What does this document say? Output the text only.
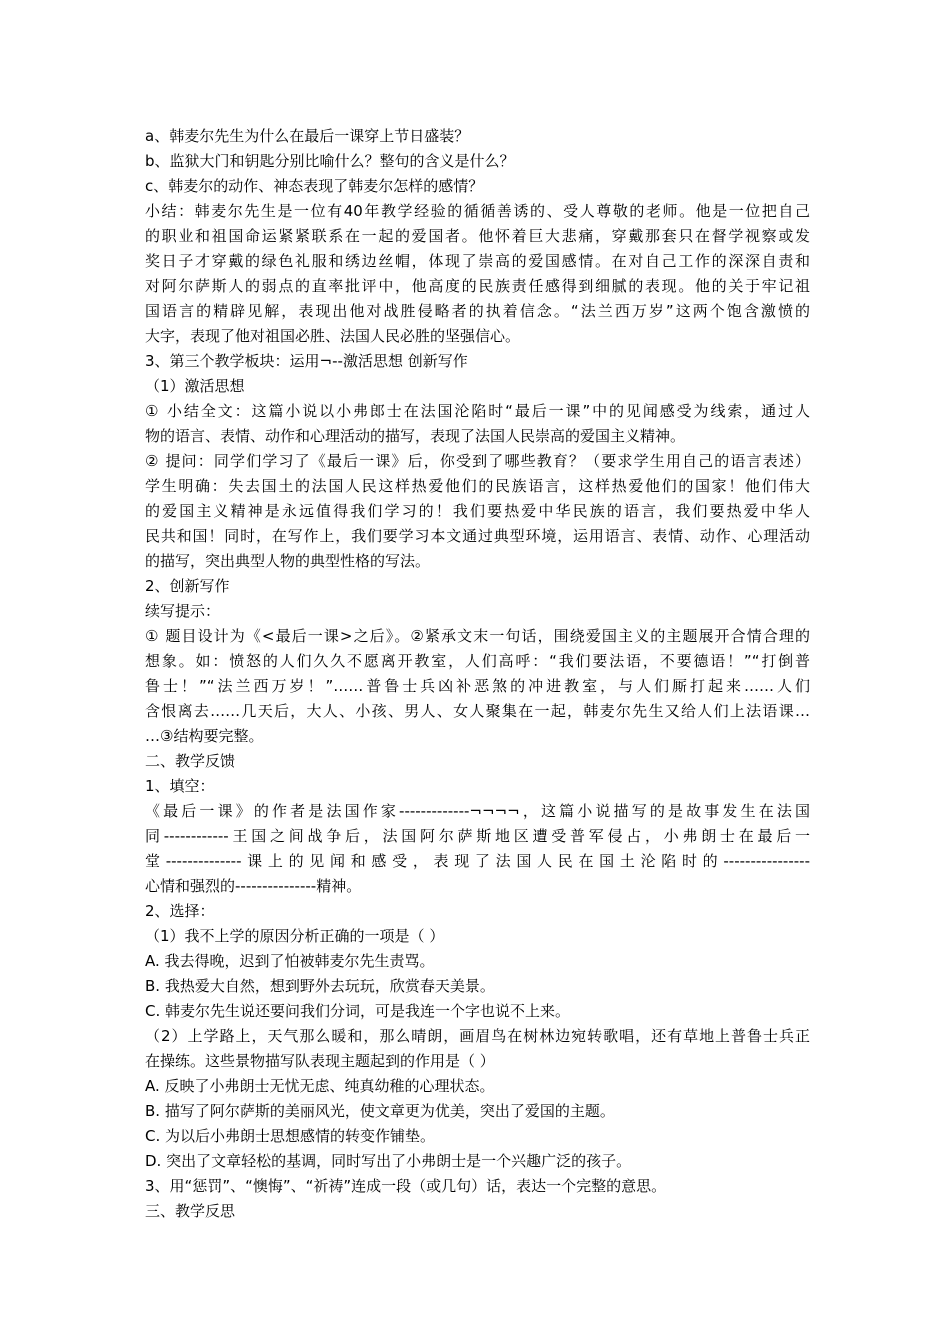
a、韩麦尔先生为什么在最后一课穿上节日盛装？
b、监狱大门和钥匙分别比喻什么？整句的含义是什么？
c、韩麦尔的动作、神态表现了韩麦尔怎样的感情？
小结：韩麦尔先生是一位有40年教学经验的循循善诱的、受人尊敬的老师。他是一位把自己
的职业和祖国命运紧紧联系在一起的爱国者。他怀着巨大悲痛，穿戴那套只在督学视察或发
奖日子才穿戴的绿色礼服和绣边丝帽，体现了崇高的爱国感情。在对自己工作的深深自责和
对阿尔萨斯人的弱点的直率批评中，他高度的民族责任感得到细腻的表现。他的关于牢记祖
国语言的精辟见解，表现出他对战胜侵略者的执着信念。“法兰西万岁”这两个饱含激愤的
大字，表现了他对祖国必胜、法国人民必胜的坚强信心。
3、第三个教学板块：运用¬--激活思想 创新写作
（1）激活思想
① 小结全文：这篇小说以小弗郎士在法国沦陷时“最后一课”中的见闻感受为线索，通过人
物的语言、表情、动作和心理活动的描写，表现了法国人民崇高的爱国主义精神。
② 提问：同学们学习了《最后一课》后，你受到了哪些教育？（要求学生用自己的语言表述）
学生明确：失去国土的法国人民这样热爱他们的民族语言，这样热爱他们的国家！他们伟大
的爱国主义精神是永远值得我们学习的！我们要热爱中华民族的语言，我们要热爱中华人
民共和国！同时，在写作上，我们要学习本文通过典型环境，运用语言、表情、动作、心理活动
的描写，突出典型人物的典型性格的写法。
2、创新写作
续写提示：
① 题目设计为《<最后一课>之后》。②紧承文末一句话，围绕爱国主义的主题展开合情合理的
想象。如：愤怒的人们久久不愿离开教室，人们高呼：“我们要法语，不要德语！”“打倒普
鲁士！”“法兰西万岁！”……普鲁士兵凶补恶煞的冲进教室，与人们厮打起来……人们
含恨离去……几天后，大人、小孩、男人、女人聚集在一起，韩麦尔先生又给人们上法语课…
…③结构要完整。
二、教学反馈
1、填空：
《最后一课》的作者是法国作家-------------¬¬¬¬，这篇小说描写的是故事发生在法国
同------------王国之间战争后，法国阿尔萨斯地区遭受普军侵占，小弗朗士在最后一
堂--------------课上的见闻和感受，表现了法国人民在国土沦陷时的----------------
心情和强烈的---------------精神。
2、选择：
（1）我不上学的原因分析正确的一项是（ ）
A. 我去得晚，迟到了怕被韩麦尔先生责骂。
B. 我热爱大自然，想到野外去玩玩，欣赏春天美景。
C. 韩麦尔先生说还要问我们分词，可是我连一个字也说不上来。
（2）上学路上，天气那么暖和，那么晴朗，画眉鸟在树林边宛转歌唱，还有草地上普鲁士兵正
在操练。这些景物描写队表现主题起到的作用是（ ）
A. 反映了小弗朗士无忧无虑、纯真幼稚的心理状态。
B. 描写了阿尔萨斯的美丽风光，使文章更为优美，突出了爱国的主题。
C. 为以后小弗朗士思想感情的转变作铺垫。
D. 突出了文章轻松的基调，同时写出了小弗朗士是一个兴趣广泛的孩子。
3、用“惩罚”、“懊悔”、“祈祷”连成一段（或几句）话，表达一个完整的意思。
三、教学反思
